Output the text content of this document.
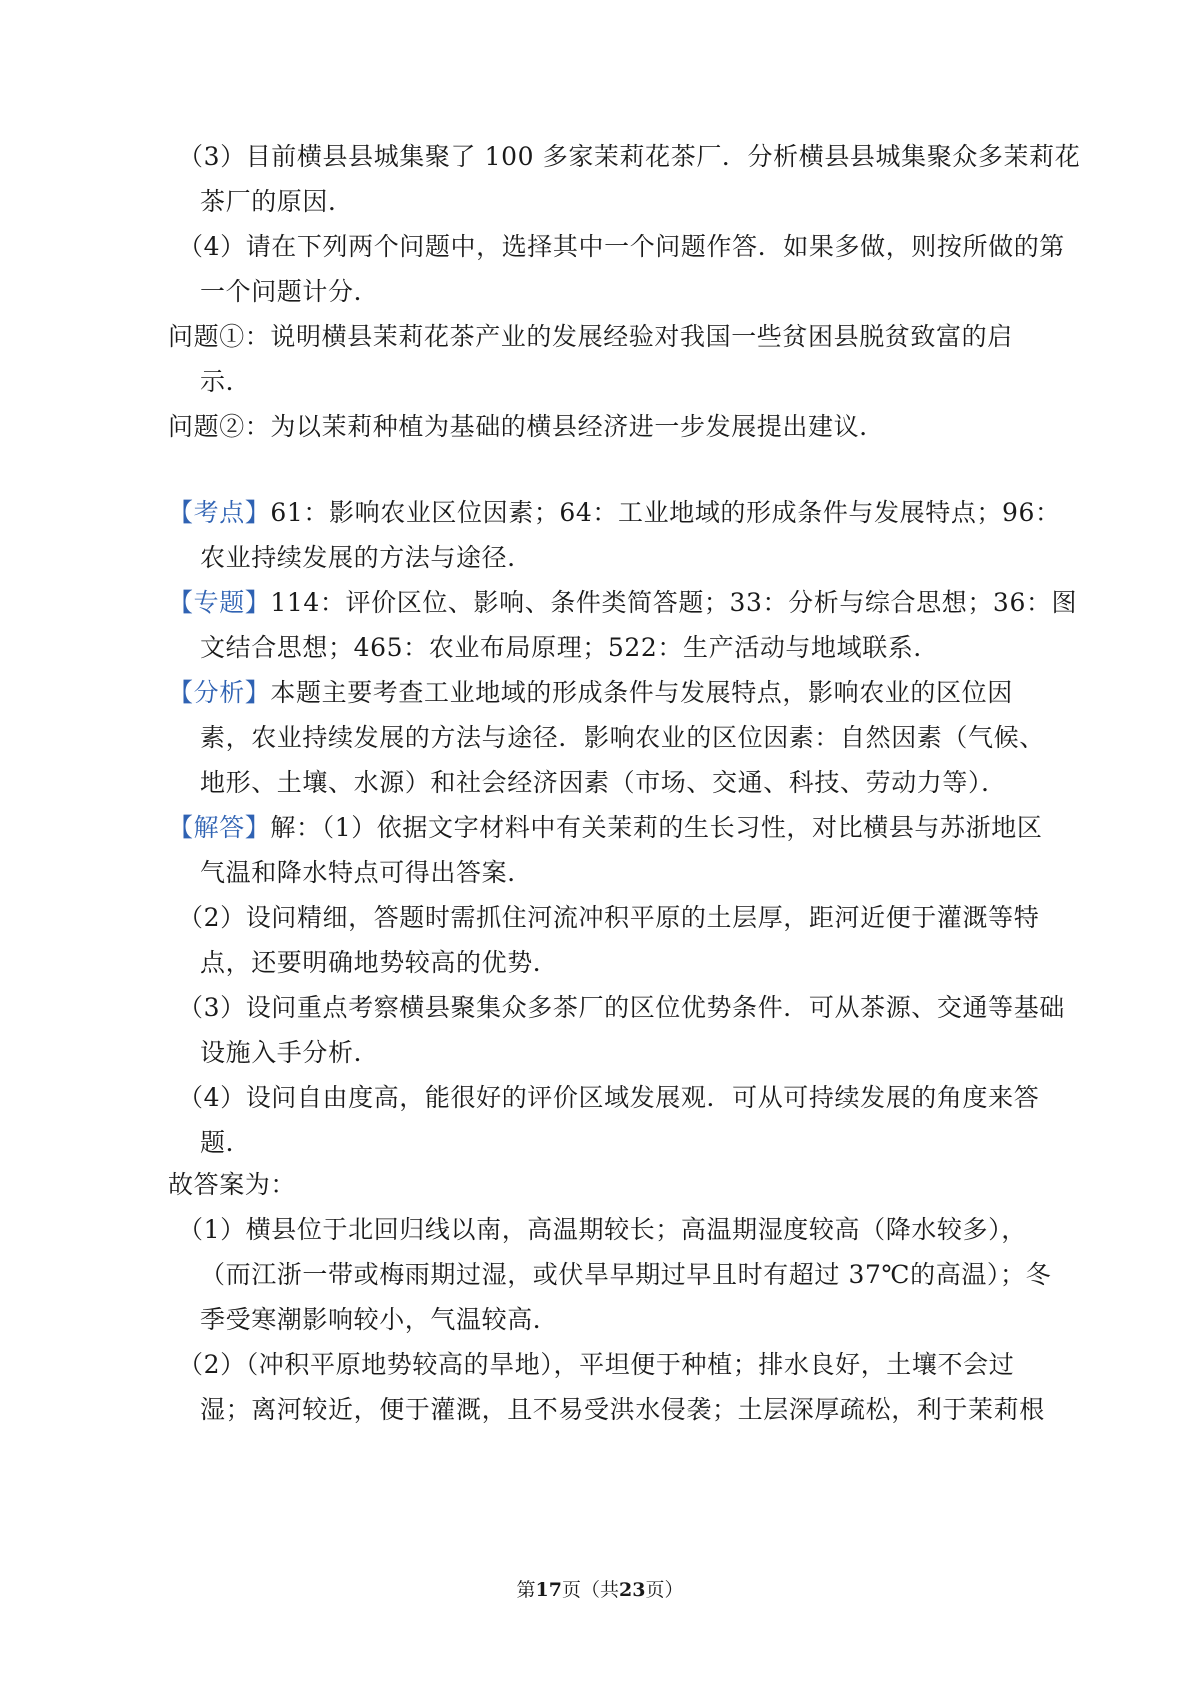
（3）目前横县县城集聚了 100 多家茉莉花茶厂．分析横县县城集聚众多茉莉花
茶厂的原因．
（4）请在下列两个问题中，选择其中一个问题作答．如果多做，则按所做的第
一个问题计分．
问题①：说明横县茉莉花茶产业的发展经验对我国一些贫困县脱贫致富的启
示．
问题②：为以茉莉种植为基础的横县经济进一步发展提出建议．
【考点】61：影响农业区位因素；64：工业地域的形成条件与发展特点；96：
农业持续发展的方法与途径．
【专题】114：评价区位、影响、条件类简答题；33：分析与综合思想；36：图
文结合思想；465：农业布局原理；522：生产活动与地域联系．
【分析】本题主要考查工业地域的形成条件与发展特点，影响农业的区位因
素，农业持续发展的方法与途径．影响农业的区位因素：自然因素（气候、
地形、土壤、水源）和社会经济因素（市场、交通、科技、劳动力等）．
【解答】解：（1）依据文字材料中有关茉莉的生长习性，对比横县与苏浙地区
气温和降水特点可得出答案．
（2）设问精细，答题时需抓住河流冲积平原的土层厚，距河近便于灌溉等特
点，还要明确地势较高的优势．
（3）设问重点考察横县聚集众多茶厂的区位优势条件．可从茶源、交通等基础
设施入手分析．
（4）设问自由度高，能很好的评价区域发展观．可从可持续发展的角度来答
题．
故答案为：
（1）横县位于北回归线以南，高温期较长；高温期湿度较高（降水较多），
（而江浙一带或梅雨期过湿，或伏旱早期过早且时有超过 37℃的高温）；冬
季受寒潮影响较小，气温较高．
（2）（冲积平原地势较高的旱地），平坦便于种植；排水良好，土壤不会过
湿；离河较近，便于灌溉，且不易受洪水侵袭；土层深厚疏松，利于茉莉根
第17页（共23页）
